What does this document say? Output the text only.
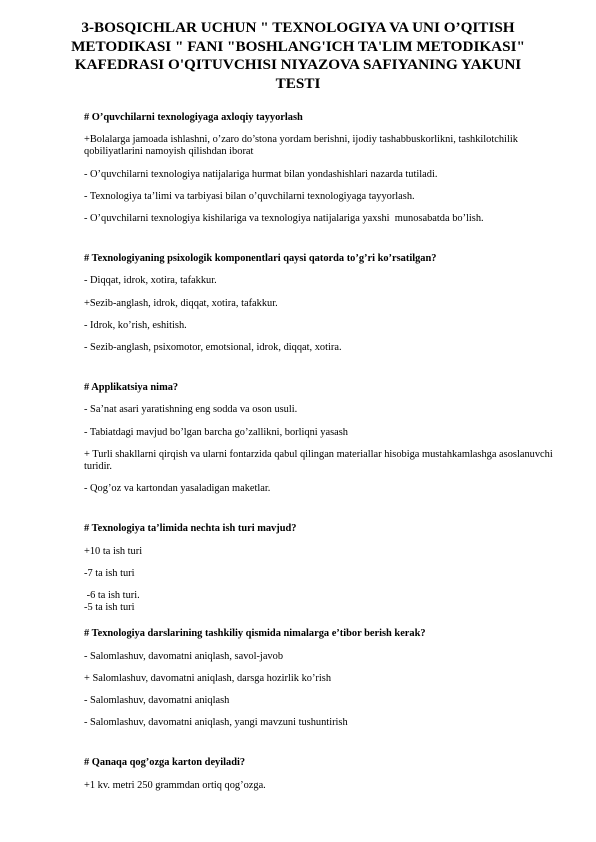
3-BOSQICHLAR UCHUN " TEXNOLOGIYA VA UNI O’QITISH METODIKASI " FANI "BOSHLANG'ICH TA'LIM METODIKASI" KAFEDRASI O'QITUVCHISI NIYAZOVA SAFIYANING YAKUNI TESTI
# O’quvchilarni texnologiyaga axloqiy tayyorlash
+Bolalarga jamoada ishlashni, o’zaro do’stona yordam berishni, ijodiy tashabbuskorlikni, tashkilotchilik qobiliyatlarini namoyish qilishdan iborat
- O’quvchilarni texnologiya natijalariga hurmat bilan yondashishlari nazarda tutiladi.
- Texnologiya ta’limi va tarbiyasi bilan o’quvchilarni texnologiyaga tayyorlash.
- O’quvchilarni texnologiya kishilariga va texnologiya natijalariga yaxshi  munosabatda bo’lish.
# Texnologiyaning psixologik komponentlari qaysi qatorda to’g’ri ko’rsatilgan?
- Diqqat, idrok, xotira, tafakkur.
+Sezib-anglash, idrok, diqqat, xotira, tafakkur.
- Idrok, ko’rish, eshitish.
- Sezib-anglash, psixomotor, emotsional, idrok, diqqat, xotira.
# Applikatsiya nima?
- Sa’nat asari yaratishning eng sodda va oson usuli.
- Tabiatdagi mavjud bo’lgan barcha go’zallikni, borliqni yasash
+ Turli shakllarni qirqish va ularni fontarzida qabul qilingan materiallar hisobiga mustahkamlashga asoslanuvchi turidir.
- Qog’oz va kartondan yasaladigan maketlar.
# Texnologiya ta’limida nechta ish turi mavjud?
+10 ta ish turi
-7 ta ish turi
-6 ta ish turi.
-5 ta ish turi
# Texnologiya darslarining tashkiliy qismida nimalarga e’tibor berish kerak?
- Salomlashuv, davomatni aniqlash, savol-javob
+ Salomlashuv, davomatni aniqlash, darsga hozirlik ko’rish
- Salomlashuv, davomatni aniqlash
- Salomlashuv, davomatni aniqlash, yangi mavzuni tushuntirish
# Qanaqa qog’ozga karton deyiladi?
+1 kv. metri 250 grammdan ortiq qog’ozga.
